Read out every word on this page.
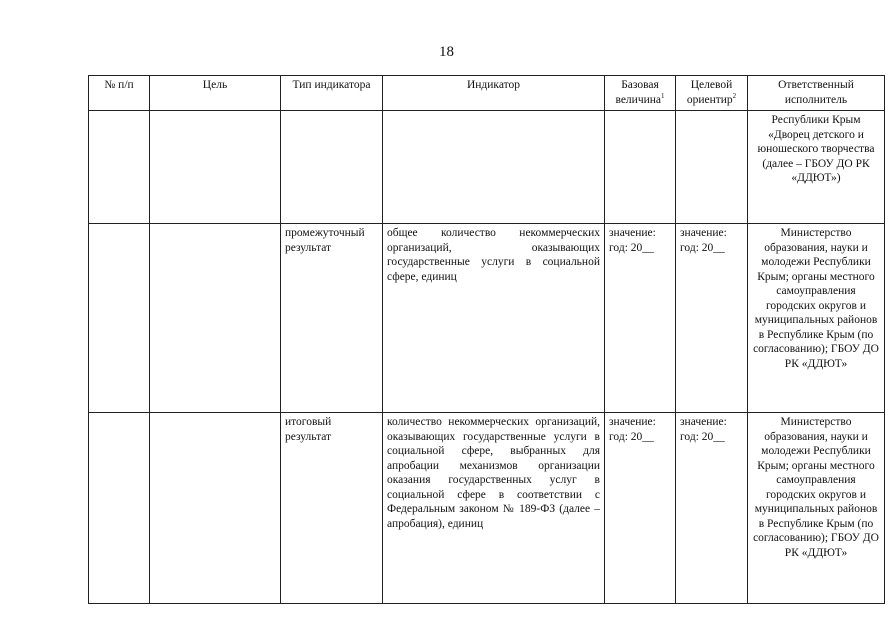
18
№ п/п	Цель	Тип индикатора	Индикатор	Базовая величина$^1$	Целевой ориентир$^2$	Ответственный исполнитель
						Республики Крым «Дворец детского и юношеского творчества (далее – ГБОУ ДО РК «ДДЮТ»)
		промежуточный результат	общее количество некоммерческих организаций, оказывающих государственные услуги в социальной сфере, единиц	значение: год: 20__	значение: год: 20__	Министерство образования, науки и молодежи Республики Крым; органы местного самоуправления городских округов и муниципальных районов в Республике Крым (по согласованию); ГБОУ ДО РК «ДДЮТ»
		итоговый результат	количество некоммерческих организаций, оказывающих государственные услуги в социальной сфере, выбранных для апробации механизмов организации оказания государственных услуг в социальной сфере в соответствии с Федеральным законом № 189-ФЗ (далее – апробация), единиц	значение: год: 20__	значение: год: 20__	Министерство образования, науки и молодежи Республики Крым; органы местного самоуправления городских округов и муниципальных районов в Республике Крым (по согласованию); ГБОУ ДО РК «ДДЮТ»
